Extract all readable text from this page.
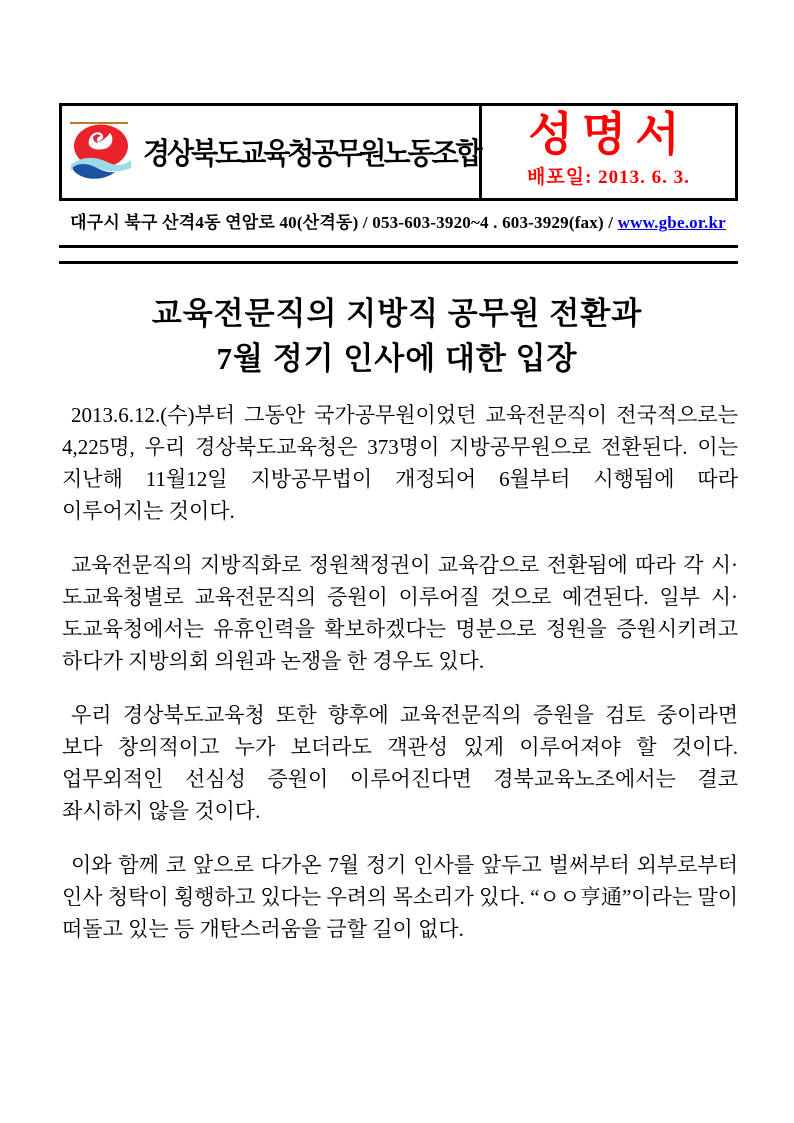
경상북도교육청공무원노동조합	성명서
배포일: 2013. 6. 3.
대구시 북구 산격4동 연암로 40(산격동) / 053-603-3920~4 . 603-3929(fax) / www.gbe.or.kr
교육전문직의 지방직 공무원 전환과
7월 정기 인사에 대한 입장

2013.6.12.(수)부터 그동안 국가공무원이었던 교육전문직이 전국적으로는 4,225명, 우리 경상북도교육청은 373명이 지방공무원으로 전환된다. 이는 지난해 11월12일 지방공무법이 개정되어 6월부터 시행됨에 따라 이루어지는 것이다.

교육전문직의 지방직화로 정원책정권이 교육감으로 전환됨에 따라 각 시·도교육청별로 교육전문직의 증원이 이루어질 것으로 예견된다. 일부 시·도교육청에서는 유휴인력을 확보하겠다는 명분으로 정원을 증원시키려고 하다가 지방의회 의원과 논쟁을 한 경우도 있다.

우리 경상북도교육청 또한 향후에 교육전문직의 증원을 검토 중이라면 보다 창의적이고 누가 보더라도 객관성 있게 이루어져야 할 것이다. 업무외적인 선심성 증원이 이루어진다면 경북교육노조에서는 결코 좌시하지 않을 것이다.

이와 함께 코 앞으로 다가온 7월 정기 인사를 앞두고 벌써부터 외부로부터 인사 청탁이 횡행하고 있다는 우려의 목소리가 있다. “ㅇㅇ亨通”이라는 말이 떠돌고 있는 등 개탄스러움을 금할 길이 없다.
